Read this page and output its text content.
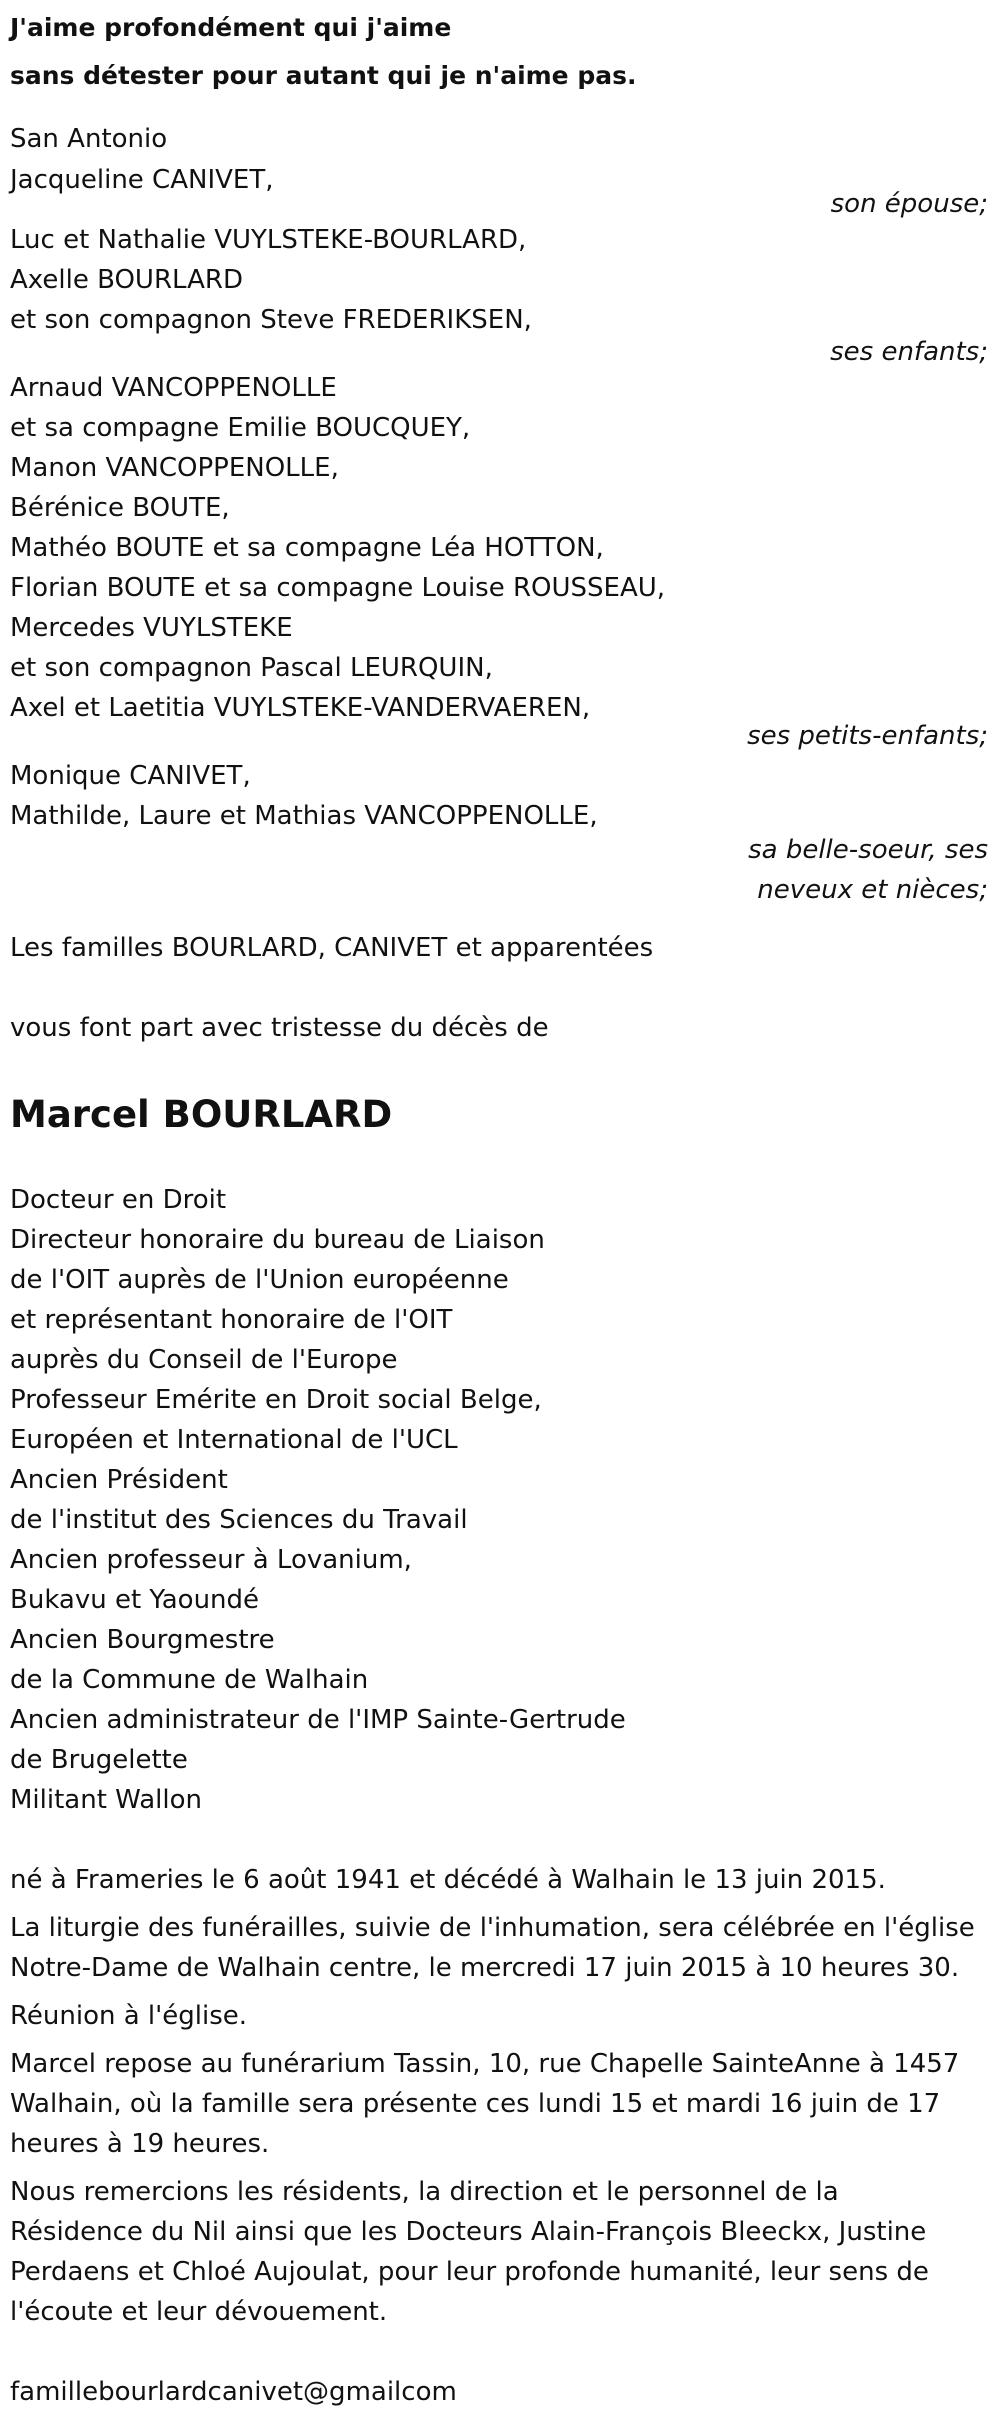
J'aime profondément qui j'aime
sans détester pour autant qui je n'aime pas.
San Antonio
Jacqueline CANIVET,
son épouse;
Luc et Nathalie VUYLSTEKE-BOURLARD,
Axelle BOURLARD
et son compagnon Steve FREDERIKSEN,
ses enfants;
Arnaud VANCOPPENOLLE
et sa compagne Emilie BOUCQUEY,
Manon VANCOPPENOLLE,
Bérénice BOUTE,
Mathéo BOUTE et sa compagne Léa HOTTON,
Florian BOUTE et sa compagne Louise ROUSSEAU,
Mercedes VUYLSTEKE
et son compagnon Pascal LEURQUIN,
Axel et Laetitia VUYLSTEKE-VANDERVAEREN,
ses petits-enfants;
Monique CANIVET,
Mathilde, Laure et Mathias VANCOPPENOLLE,
sa belle-soeur, ses
neveux et nièces;
Les familles BOURLARD, CANIVET et apparentées
vous font part avec tristesse du décès de
Marcel BOURLARD
Docteur en Droit
Directeur honoraire du bureau de Liaison
de l'OIT auprès de l'Union européenne
et représentant honoraire de l'OIT
auprès du Conseil de l'Europe
Professeur Emérite en Droit social Belge,
Européen et International de l'UCL
Ancien Président
de l'institut des Sciences du Travail
Ancien professeur à Lovanium,
Bukavu et Yaoundé
Ancien Bourgmestre
de la Commune de Walhain
Ancien administrateur de l'IMP Sainte-Gertrude
de Brugelette
Militant Wallon
né à Frameries le 6 août 1941 et décédé à Walhain le 13 juin 2015.
La liturgie des funérailles, suivie de l'inhumation, sera célébrée en l'église
Notre-Dame de Walhain centre, le mercredi 17 juin 2015 à 10 heures 30.
Réunion à l'église.
Marcel repose au funérarium Tassin, 10, rue Chapelle SainteAnne à 1457
Walhain, où la famille sera présente ces lundi 15 et mardi 16 juin de 17
heures à 19 heures.
Nous remercions les résidents, la direction et le personnel de la
Résidence du Nil ainsi que les Docteurs Alain-François Bleeckx, Justine
Perdaens et Chloé Aujoulat, pour leur profonde humanité, leur sens de
l'écoute et leur dévouement.
famillebourlardcanivet@gmailcom
